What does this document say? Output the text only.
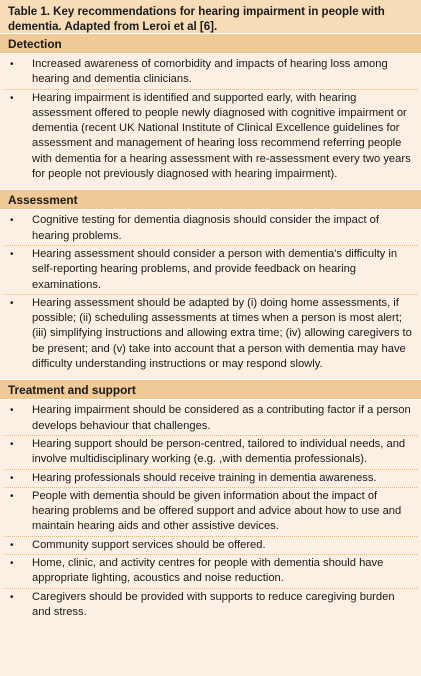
Table 1. Key recommendations for hearing impairment in people with dementia. Adapted from Leroi et al [6].
Detection
• Increased awareness of comorbidity and impacts of hearing loss among hearing and dementia clinicians.
• Hearing impairment is identified and supported early, with hearing assessment offered to people newly diagnosed with cognitive impairment or dementia (recent UK National Institute of Clinical Excellence guidelines for assessment and management of hearing loss recommend referring people with dementia for a hearing assessment with re-assessment every two years for people not previously diagnosed with hearing impairment).
Assessment
• Cognitive testing for dementia diagnosis should consider the impact of hearing problems.
• Hearing assessment should consider a person with dementia's difficulty in self-reporting hearing problems, and provide feedback on hearing examinations.
• Hearing assessment should be adapted by (i) doing home assessments, if possible; (ii) scheduling assessments at times when a person is most alert; (iii) simplifying instructions and allowing extra time; (iv) allowing caregivers to be present; and (v) take into account that a person with dementia may have difficulty understanding instructions or may respond slowly.
Treatment and support
• Hearing impairment should be considered as a contributing factor if a person develops behaviour that challenges.
• Hearing support should be person-centred, tailored to individual needs, and involve multidisciplinary working (e.g. ,with dementia professionals).
• Hearing professionals should receive training in dementia awareness.
• People with dementia should be given information about the impact of hearing problems and be offered support and advice about how to use and maintain hearing aids and other assistive devices.
• Community support services should be offered.
• Home, clinic, and activity centres for people with dementia should have appropriate lighting, acoustics and noise reduction.
• Caregivers should be provided with supports to reduce caregiving burden and stress.
